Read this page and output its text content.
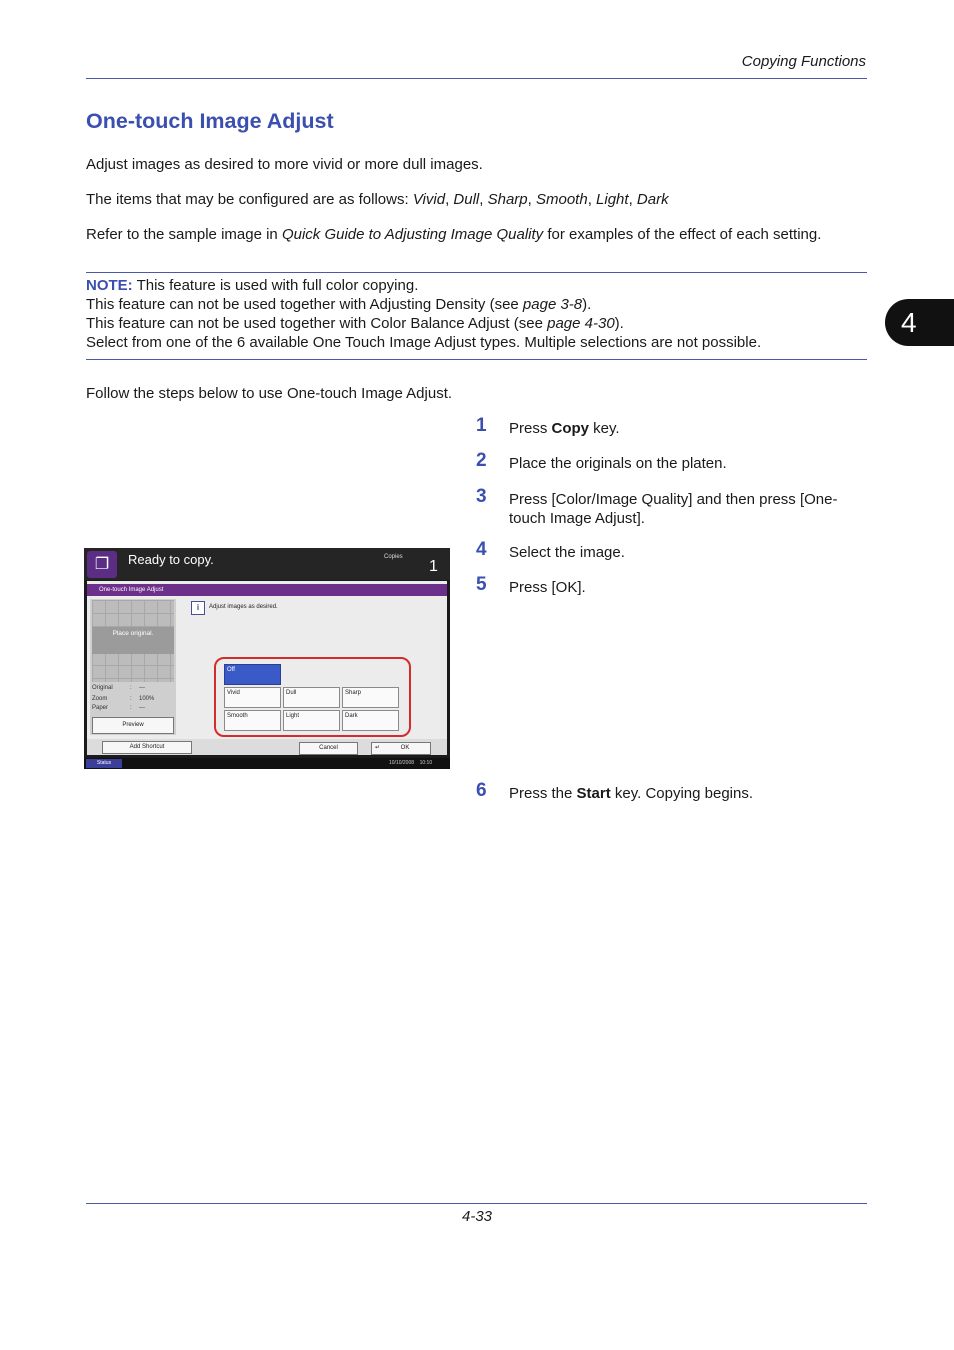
Copying Functions
4
One-touch Image Adjust
Adjust images as desired to more vivid or more dull images.
The items that may be configured are as follows: Vivid, Dull, Sharp, Smooth, Light, Dark
Refer to the sample image in Quick Guide to Adjusting Image Quality for examples of the effect of each setting.
NOTE: This feature is used with full color copying.
This feature can not be used together with Adjusting Density (see page 3-8).
This feature can not be used together with Color Balance Adjust (see page 4-30).
Select from one of the 6 available One Touch Image Adjust types. Multiple selections are not possible.
Follow the steps below to use One-touch Image Adjust.
1 Press Copy key.
2 Place the originals on the platen.
3 Press [Color/Image Quality] and then press [One-touch Image Adjust].
4 Select the image.
5 Press [OK].
6 Press the Start key. Copying begins.
❐	Ready to copy.	Copies
1
One-touch Image Adjust
Place original.
Original	: ---
Zoom	: 100%
Paper	: ---
Preview
i	Adjust images as desired.
Off
Vivid	Dull	Sharp
Smooth	Light	Dark
Add Shortcut	Cancel	↵	OK
Status	10/10/2008    10:10
4-33
